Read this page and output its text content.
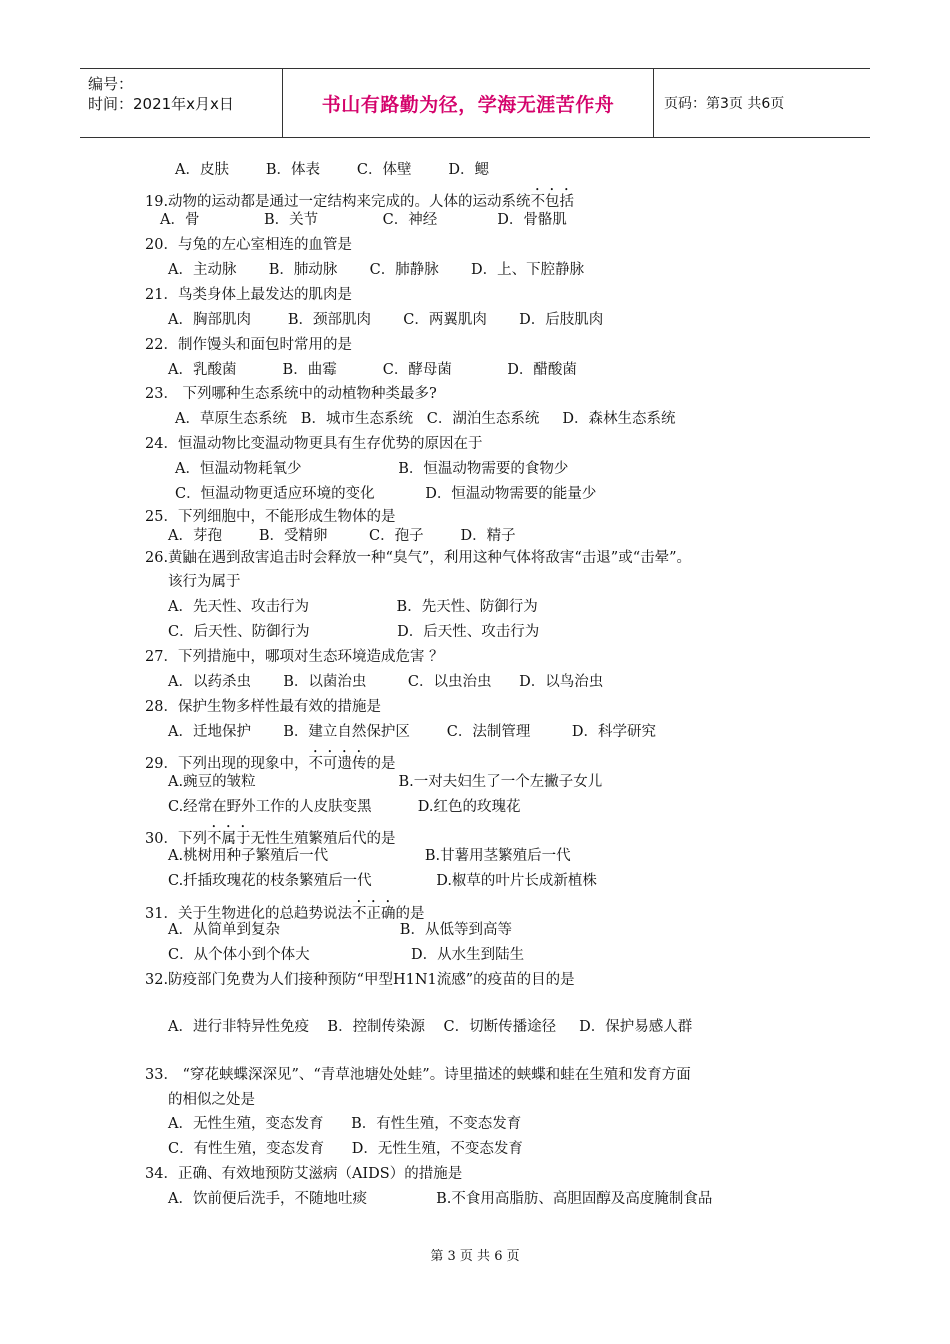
编号：
时间：2021年x月x日	书山有路勤为径，学海无涯苦作舟	页码：第3页 共6页
A．皮肤        B．体表        C．体壁        D．鳃
19.动物的运动都是通过一定结构来完成的。人体的运动系统不包括
A．骨              B．关节              C．神经             D．骨骼肌
20．与兔的左心室相连的血管是
A．主动脉       B．肺动脉       C．肺静脉       D．上、下腔静脉
21．鸟类身体上最发达的肌肉是
A．胸部肌肉        B．颈部肌肉       C．两翼肌肉       D．后肢肌肉
22．制作馒头和面包时常用的是
A．乳酸菌          B．曲霉          C．酵母菌            D．醋酸菌
23． 下列哪种生态系统中的动植物种类最多?
A．草原生态系统   B．城市生态系统   C．湖泊生态系统     D．森林生态系统
24．恒温动物比变温动物更具有生存优势的原因在于
A．恒温动物耗氧少                     B．恒温动物需要的食物少
C．恒温动物更适应环境的变化           D．恒温动物需要的能量少
25．下列细胞中，不能形成生物体的是
A．芽孢        B．受精卵         C．孢子        D．精子
26.黄鼬在遇到敌害追击时会释放一种“臭气”，利用这种气体将敌害“击退”或“击晕”。
该行为属于
A．先天性、攻击行为                   B．先天性、防御行为
C．后天性、防御行为                   D．后天性、攻击行为
27．下列措施中，哪项对生态环境造成危害 ？
A．以药杀虫       B．以菌治虫         C．以虫治虫      D．以鸟治虫
28．保护生物多样性最有效的措施是
A．迁地保护       B．建立自然保护区        C．法制管理         D．科学研究
29．下列出现的现象中，不可遗传的是
A.豌豆的皱粒                               B.一对夫妇生了一个左撇子女儿
C.经常在野外工作的人皮肤变黑          D.红色的玫瑰花
30．下列不属于无性生殖繁殖后代的是
A.桃树用种子繁殖后一代                     B.甘薯用茎繁殖后一代
C.扦插玫瑰花的枝条繁殖后一代              D.椒草的叶片长成新植株
31．关于生物进化的总趋势说法不正确的是
A．从简单到复杂                          B．从低等到高等
C．从个体小到个体大                      D．从水生到陆生
32.防疫部门免费为人们接种预防“甲型H1N1流感”的疫苗的目的是
A．进行非特异性免疫    B．控制传染源    C．切断传播途径     D．保护易感人群
33． “穿花蛱蝶深深见”、“青草池塘处处蛙”。诗里描述的蛱蝶和蛙在生殖和发育方面
的相似之处是
A．无性生殖，变态发育      B．有性生殖，不变态发育
C．有性生殖，变态发育      D．无性生殖，不变态发育
34．正确、有效地预防艾滋病（AIDS）的措施是
A．饮前便后洗手，不随地吐痰               B.不食用高脂肪、高胆固醇及高度腌制食品
第 3 页 共 6 页
